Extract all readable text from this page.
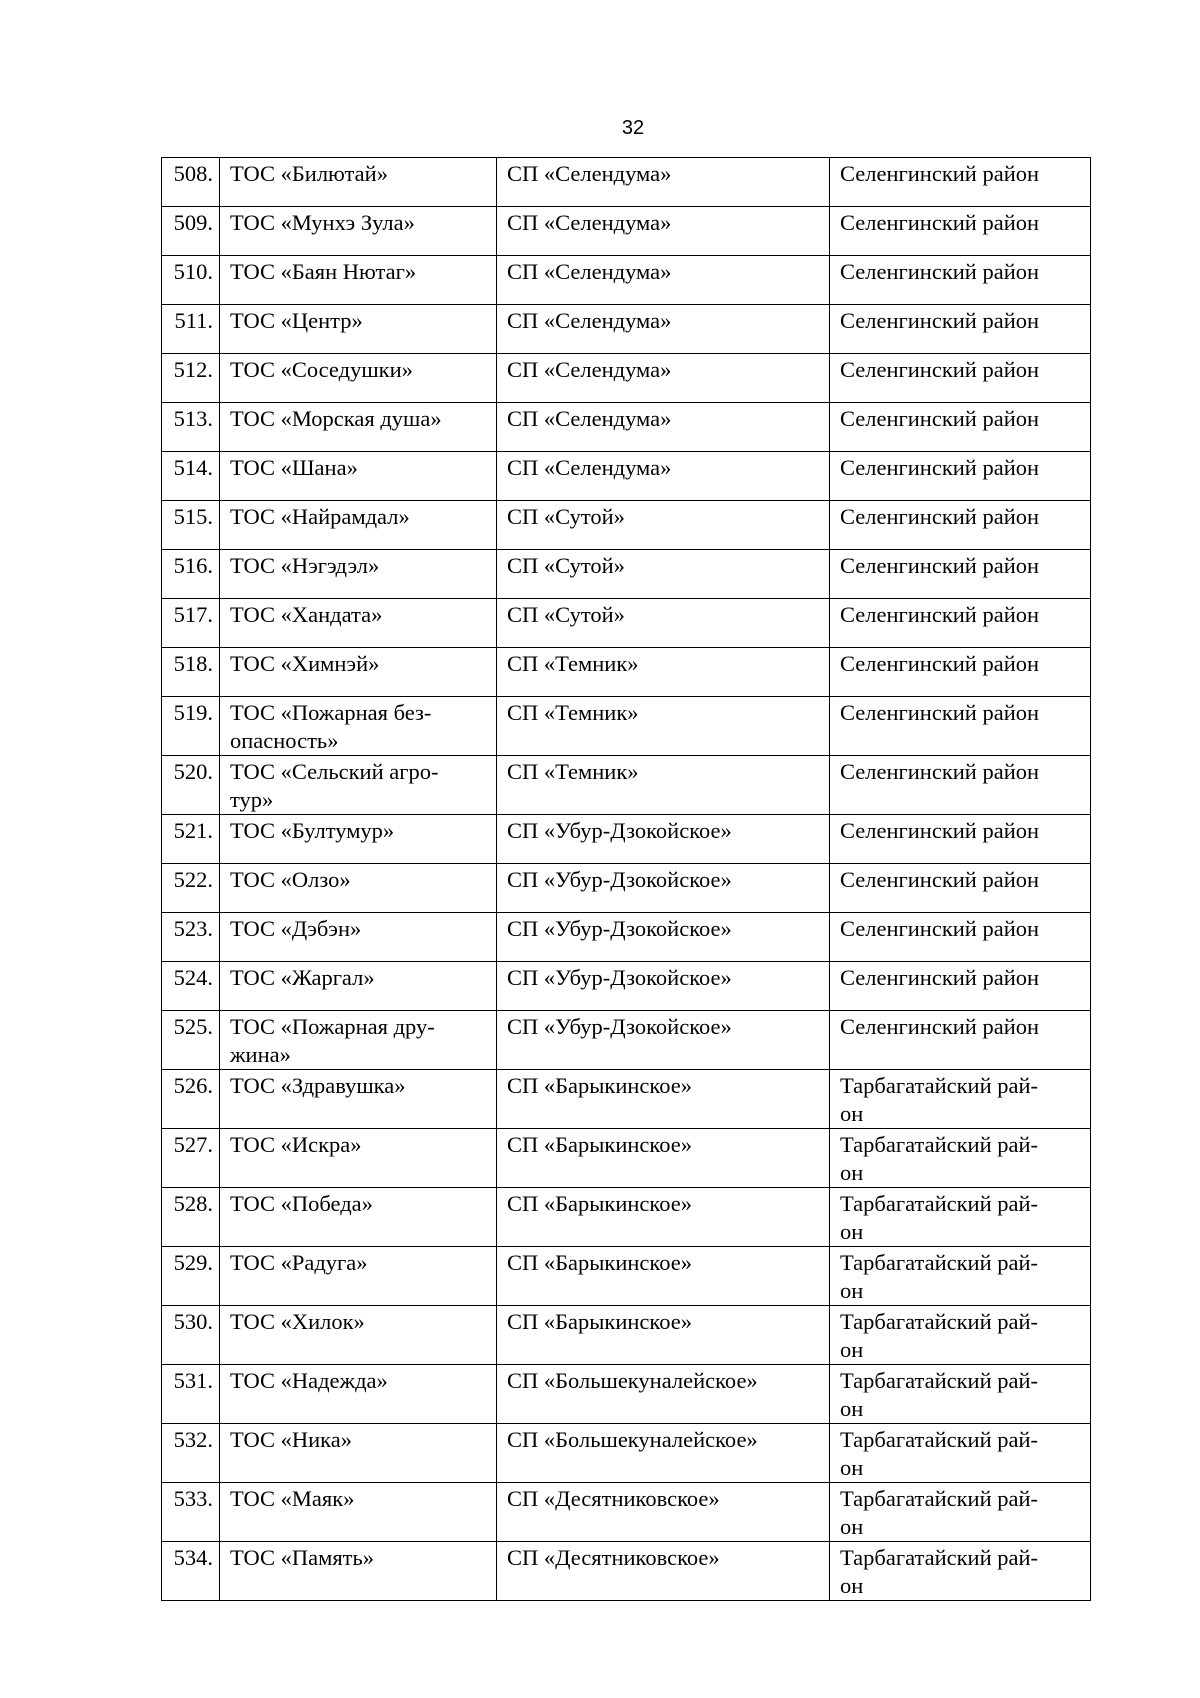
32
508.	ТОС «Билютай»	СП «Селендума»	Селенгинский район

509.	ТОС «Мунхэ Зула»	СП «Селендума»	Селенгинский район

510.	ТОС «Баян Нютаг»	СП «Селендума»	Селенгинский район

511.	ТОС «Центр»	СП «Селендума»	Селенгинский район

512.	ТОС «Соседушки»	СП «Селендума»	Селенгинский район

513.	ТОС «Морская душа»	СП «Селендума»	Селенгинский район

514.	ТОС «Шана»	СП «Селендума»	Селенгинский район

515.	ТОС «Найрамдал»	СП «Сутой»	Селенгинский район

516.	ТОС «Нэгэдэл»	СП «Сутой»	Селенгинский район

517.	ТОС «Хандата»	СП «Сутой»	Селенгинский район

518.	ТОС «Химнэй»	СП «Темник»	Селенгинский район

519.	ТОС «Пожарная без-
опасность»	СП «Темник»	Селенгинский район

520.	ТОС «Сельский агро-
тур»	СП «Темник»	Селенгинский район

521.	ТОС «Бултумур»	СП «Убур-Дзокойское»	Селенгинский район

522.	ТОС «Олзо»	СП «Убур-Дзокойское»	Селенгинский район

523.	ТОС «Дэбэн»	СП «Убур-Дзокойское»	Селенгинский район

524.	ТОС «Жаргал»	СП «Убур-Дзокойское»	Селенгинский район

525.	ТОС «Пожарная дру-
жина»	СП «Убур-Дзокойское»	Селенгинский район

526.	ТОС «Здравушка»	СП «Барыкинское»	Тарбагатайский рай-
он

527.	ТОС «Искра»	СП «Барыкинское»	Тарбагатайский рай-
он

528.	ТОС «Победа»	СП «Барыкинское»	Тарбагатайский рай-
он

529.	ТОС «Радуга»	СП «Барыкинское»	Тарбагатайский рай-
он

530.	ТОС «Хилок»	СП «Барыкинское»	Тарбагатайский рай-
он

531.	ТОС «Надежда»	СП «Большекуналейское»	Тарбагатайский рай-
он

532.	ТОС «Ника»	СП «Большекуналейское»	Тарбагатайский рай-
он

533.	ТОС «Маяк»	СП «Десятниковское»	Тарбагатайский рай-
он

534.	ТОС «Память»	СП «Десятниковское»	Тарбагатайский рай-
он
